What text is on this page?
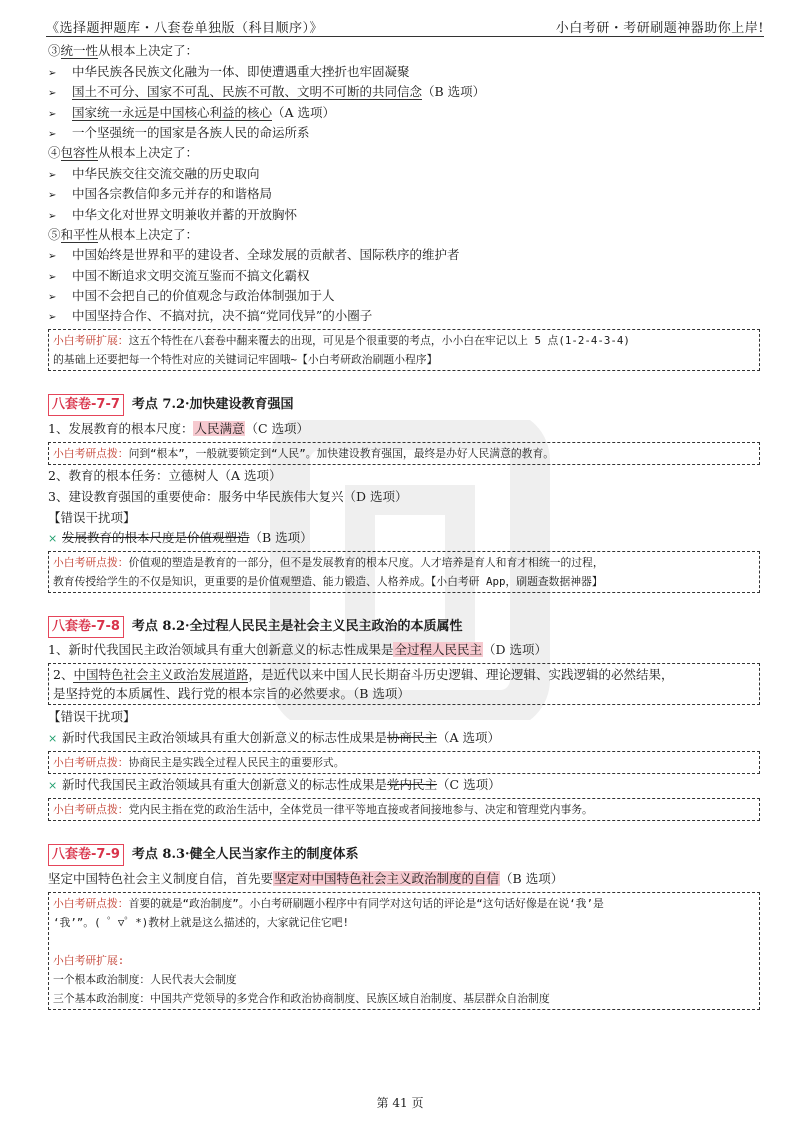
《选择题押题库・八套卷单独版（科目顺序）》	小白考研・考研刷题神器助你上岸!
③统一性从根本上决定了：
➢ 中华民族各民族文化融为一体、即使遭遇重大挫折也牢固凝聚
➢ 国土不可分、国家不可乱、民族不可散、文明不可断的共同信念（B 选项）
➢ 国家统一永远是中国核心利益的核心（A 选项）
➢ 一个坚强统一的国家是各族人民的命运所系
④包容性从根本上决定了：
➢ 中华民族交往交流交融的历史取向
➢ 中国各宗教信仰多元并存的和谐格局
➢ 中华文化对世界文明兼收并蓄的开放胸怀
⑤和平性从根本上决定了：
➢ 中国始终是世界和平的建设者、全球发展的贡献者、国际秩序的维护者
➢ 中国不断追求文明交流互鉴而不搞文化霸权
➢ 中国不会把自己的价值观念与政治体制强加于人
➢ 中国坚持合作、不搞对抗，决不搞“党同伐异”的小圈子
小白考研扩展：这五个特性在八套卷中翻来覆去的出现，可见是个很重要的考点，小小白在牢记以上 5 点(1-2-4-3-4)
的基础上还要把每一个特性对应的关键词记牢固哦~【小白考研政治刷题小程序】
八套卷-7-7 考点 7.2·加快建设教育强国
1、发展教育的根本尺度：人民满意（C 选项）
小白考研点拨：问到“根本”，一般就要锁定到“人民”。加快建设教育强国，最终是办好人民满意的教育。
2、教育的根本任务：立德树人（A 选项）
3、建设教育强国的重要使命：服务中华民族伟大复兴（D 选项）
【错误干扰项】
× 发展教育的根本尺度是价值观塑造（B 选项）
小白考研点拨：价值观的塑造是教育的一部分，但不是发展教育的根本尺度。人才培养是育人和育才相统一的过程，
教育传授给学生的不仅是知识，更重要的是价值观塑造、能力锻造、人格养成。【小白考研 App，刷题查数据神器】
八套卷-7-8 考点 8.2·全过程人民民主是社会主义民主政治的本质属性
1、新时代我国民主政治领域具有重大创新意义的标志性成果是全过程人民民主（D 选项）
2、中国特色社会主义政治发展道路，是近代以来中国人民长期奋斗历史逻辑、理论逻辑、实践逻辑的必然结果，
是坚持党的本质属性、践行党的根本宗旨的必然要求。（B 选项）
【错误干扰项】
× 新时代我国民主政治领域具有重大创新意义的标志性成果是协商民主（A 选项）
小白考研点拨：协商民主是实践全过程人民民主的重要形式。
× 新时代我国民主政治领域具有重大创新意义的标志性成果是党内民主（C 选项）
小白考研点拨：党内民主指在党的政治生活中，全体党员一律平等地直接或者间接地参与、决定和管理党内事务。
八套卷-7-9 考点 8.3·健全人民当家作主的制度体系
坚定中国特色社会主义制度自信，首先要坚定对中国特色社会主义政治制度的自信（B 选项）
小白考研点拨：首要的就是“政治制度”。小白考研刷题小程序中有同学对这句话的评论是“这句话好像是在说‘我’是
‘我’”。( ゜▽゜*)教材上就是这么描述的，大家就记住它吧!
小白考研扩展:
一个根本政治制度：人民代表大会制度
三个基本政治制度：中国共产党领导的多党合作和政治协商制度、民族区域自治制度、基层群众自治制度
第 41 页
